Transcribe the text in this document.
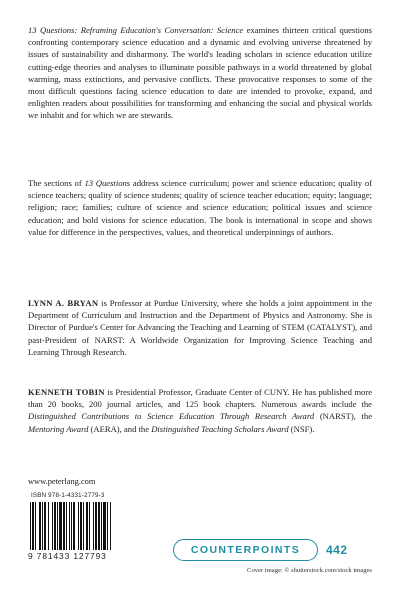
13 Questions: Reframing Education's Conversation: Science examines thirteen critical questions confronting contemporary science education and a dynamic and evolving universe threatened by issues of sustainability and disharmony. The world's leading scholars in science education utilize cutting-edge theories and analyses to illuminate possible pathways in a world threatened by global warming, mass extinctions, and pervasive conflicts. These provocative responses to some of the most difficult questions facing science education to date are intended to provoke, expand, and enlighten readers about possibilities for transforming and enhancing the social and physical worlds we inhabit and for which we are stewards.

The sections of 13 Questions address science curriculum; power and science education; quality of science teachers; quality of science students; quality of science teacher education; equity; language; religion; race; families; culture of science and science education; political issues and science education; and bold visions for science education. The book is international in scope and shows value for difference in the perspectives, values, and theoretical underpinnings of authors.

LYNN A. BRYAN is Professor at Purdue University, where she holds a joint appointment in the Department of Curriculum and Instruction and the Department of Physics and Astronomy. She is Director of Purdue's Center for Advancing the Teaching and Learning of STEM (CATALYST), and past-President of NARST: A Worldwide Organization for Improving Science Teaching and Learning Through Research.

KENNETH TOBIN is Presidential Professor, Graduate Center of CUNY. He has published more than 20 books, 200 journal articles, and 125 book chapters. Numerous awards include the Distinguished Contributions to Science Education Through Research Award (NARST), the Mentoring Award (AERA), and the Distinguished Teaching Scholars Award (NSF).

www.peterlang.com
ISBN 978-1-4331-2779-3
9 781433 127793	COUNTERPOINTS 442
Cover image: © shutterstock.com/stock images
